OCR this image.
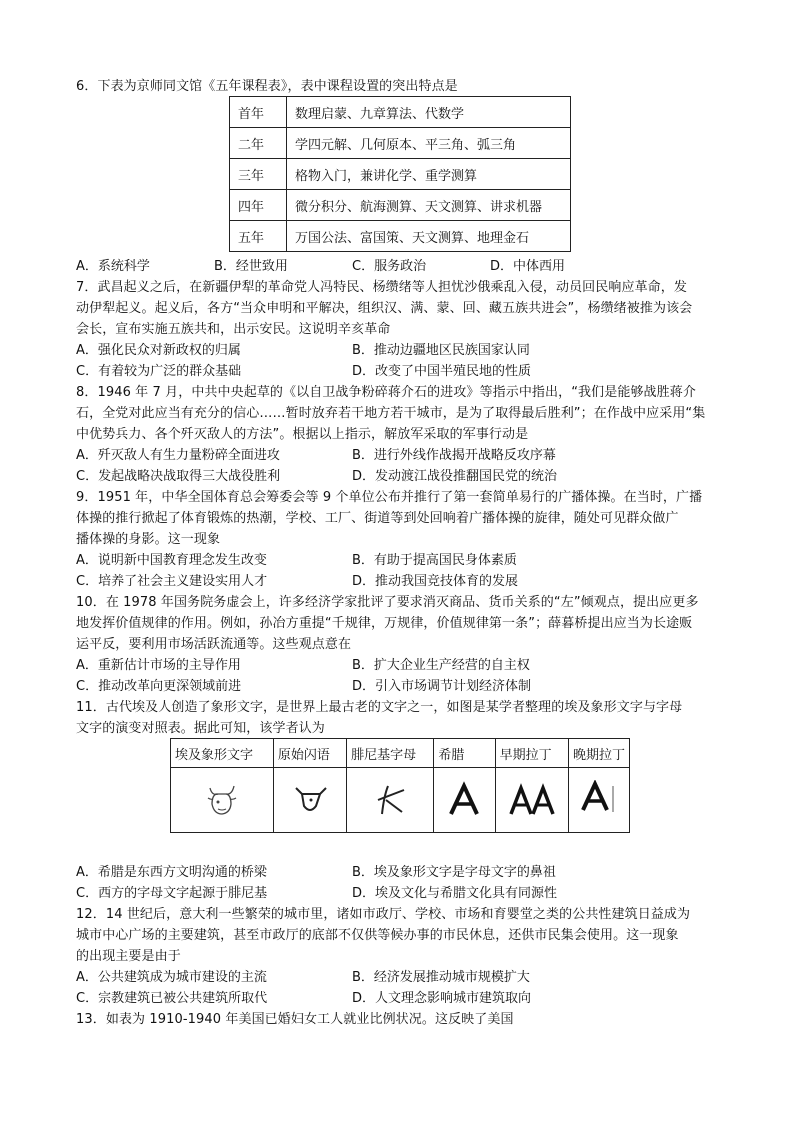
6．下表为京师同文馆《五年课程表》，表中课程设置的突出特点是
首年	数理启蒙、九章算法、代数学
二年	学四元解、几何原本、平三角、弧三角
三年	格物入门，兼讲化学、重学测算
四年	微分积分、航海测算、天文测算、讲求机器
五年	万国公法、富国策、天文测算、地理金石
A．系统科学	B．经世致用	C．服务政治	D．中体西用
7．武昌起义之后，在新疆伊犁的革命党人冯特民、杨缵绪等人担忧沙俄乘乱入侵，动员回民响应革命，发
动伊犁起义。起义后，各方“当众申明和平解决，组织汉、满、蒙、回、藏五族共进会”，杨缵绪被推为该会
会长，宣布实施五族共和，出示安民。这说明辛亥革命
A．强化民众对新政权的归属	B．推动边疆地区民族国家认同
C．有着较为广泛的群众基础	D．改变了中国半殖民地的性质
8．1946 年 7 月，中共中央起草的《以自卫战争粉碎蒋介石的进攻》等指示中指出，“我们是能够战胜蒋介
石，全党对此应当有充分的信心……暂时放弃若干地方若干城市，是为了取得最后胜利”；在作战中应采用“集
中优势兵力、各个歼灭敌人的方法”。根据以上指示，解放军采取的军事行动是
A．歼灭敌人有生力量粉碎全面进攻	B．进行外线作战揭开战略反攻序幕
C．发起战略决战取得三大战役胜利	D．发动渡江战役推翻国民党的统治
9．1951 年，中华全国体育总会筹委会等 9 个单位公布并推行了第一套简单易行的广播体操。在当时，广播
体操的推行掀起了体育锻炼的热潮，学校、工厂、街道等到处回响着广播体操的旋律，随处可见群众做广
播体操的身影。这一现象
A．说明新中国教育理念发生改变	B．有助于提高国民身体素质
C．培养了社会主义建设实用人才	D．推动我国竞技体育的发展
10．在 1978 年国务院务虚会上，许多经济学家批评了要求消灭商品、货币关系的“左”倾观点，提出应更多
地发挥价值规律的作用。例如，孙冶方重提“千规律，万规律，价值规律第一条”；薛暮桥提出应当为长途贩
运平反，要利用市场活跃流通等。这些观点意在
A．重新估计市场的主导作用	B．扩大企业生产经营的自主权
C．推动改革向更深领域前进	D．引入市场调节计划经济体制
11．古代埃及人创造了象形文字，是世界上最古老的文字之一，如图是某学者整理的埃及象形文字与字母
文字的演变对照表。据此可知，该学者认为
埃及象形文字	原始闪语	腓尼基字母	希腊	早期拉丁	晚期拉丁

A．希腊是东西方文明沟通的桥梁	B．埃及象形文字是字母文字的鼻祖
C．西方的字母文字起源于腓尼基	D．埃及文化与希腊文化具有同源性
12．14 世纪后，意大利一些繁荣的城市里，诸如市政厅、学校、市场和育婴堂之类的公共性建筑日益成为
城市中心广场的主要建筑，甚至市政厅的底部不仅供等候办事的市民休息，还供市民集会使用。这一现象
的出现主要是由于
A．公共建筑成为城市建设的主流	B．经济发展推动城市规模扩大
C．宗教建筑已被公共建筑所取代	D．人文理念影响城市建筑取向
13．如表为 1910-1940 年美国已婚妇女工人就业比例状况。这反映了美国
